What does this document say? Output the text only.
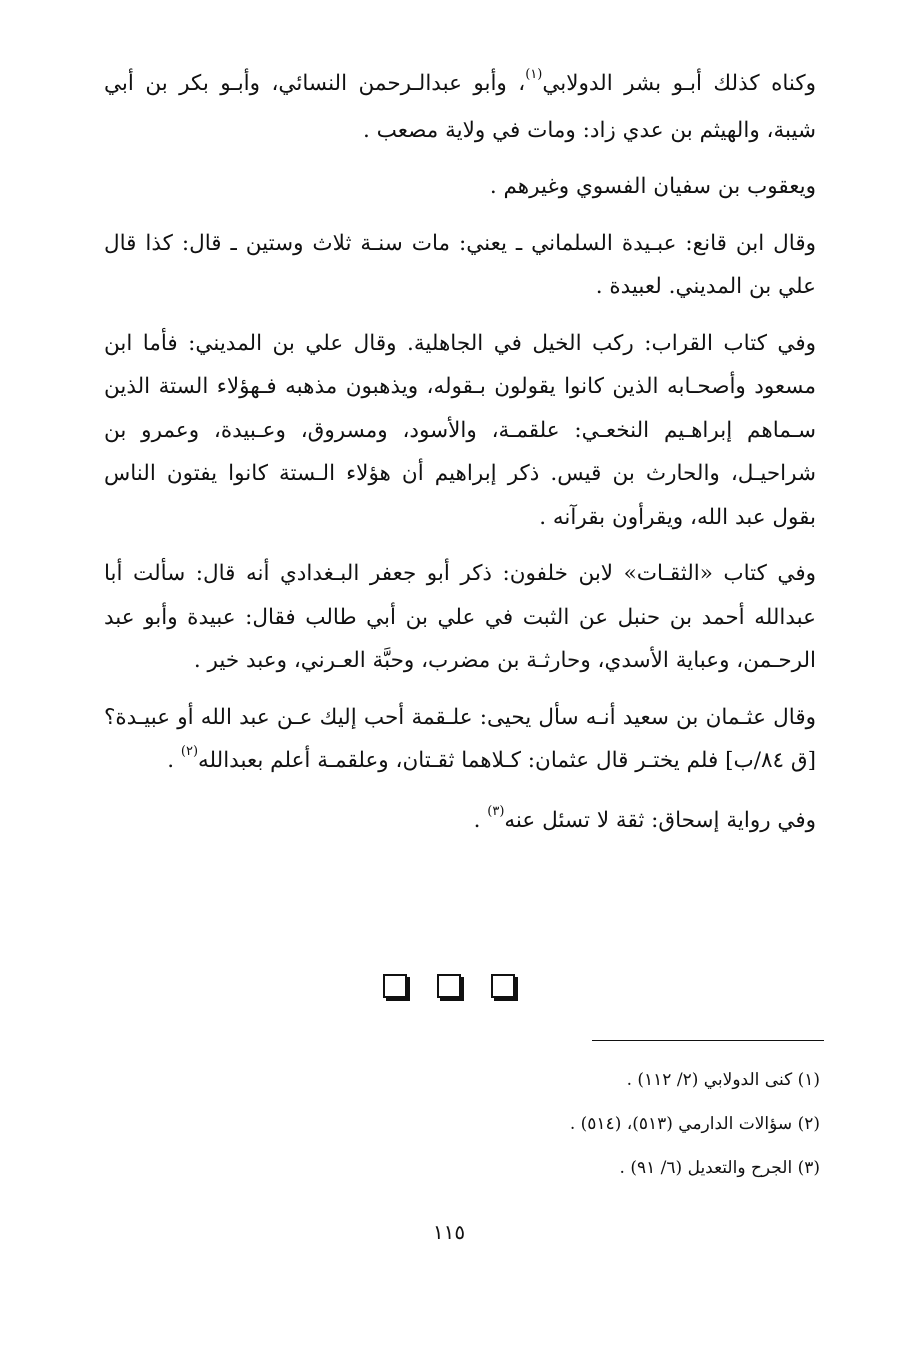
وكناه كذلك أبـو بشر الدولابي$^{(١)}$، وأبو عبدالـرحمن النسائي، وأبـو بكر بن أبي شيبة، والهيثم بن عدي زاد: ومات في ولاية مصعب .

ويعقوب بن سفيان الفسوي وغيرهم .

وقال ابن قانع: عبـيدة السلماني ـ يعني: مات سنـة ثلاث وستين ـ قال: كذا قال علي بن المديني. لعبيدة .

وفي كتاب القراب: ركب الخيل في الجاهلية. وقال علي بن المديني: فأما ابن مسعود وأصحـابه الذين كانوا يقولون بـقوله، ويذهبون مذهبه فـهؤلاء الستة الذين سـماهم إبراهـيم النخعـي: علقمـة، والأسود، ومسروق، وعـبيدة، وعمرو بن شراحيـل، والحارث بن قيس. ذكر إبراهيم أن هؤلاء الـستة كانوا يفتون الناس بقول عبد الله، ويقرأون بقرآنه .

وفي كتاب «الثقـات» لابن خلفون: ذكر أبو جعفر البـغدادي أنه قال: سألت أبا عبدالله أحمد بن حنبل عن الثبت في علي بن أبي طالب فقال: عبيدة وأبو عبد الرحـمن، وعباية الأسدي، وحارثـة بن مضرب، وحبَّة العـرني، وعبد خير .

وقال عثـمان بن سعيد أنـه سأل يحيى: علـقمة أحب إليك عـن عبد الله أو عبيـدة؟ [ق ٨٤/ب] فلم يختـر قال عثمان: كـلاهما ثقـتان، وعلقمـة أعلم بعبدالله$^{(٢)}$ .

وفي رواية إسحاق: ثقة لا تسئل عنه$^{(٣)}$ .

(١) كنى الدولابي (٢/ ١١٢) .

(٢) سؤالات الدارمي (٥١٣)، (٥١٤) .

(٣) الجرح والتعديل (٦/ ٩١) .

١١٥
